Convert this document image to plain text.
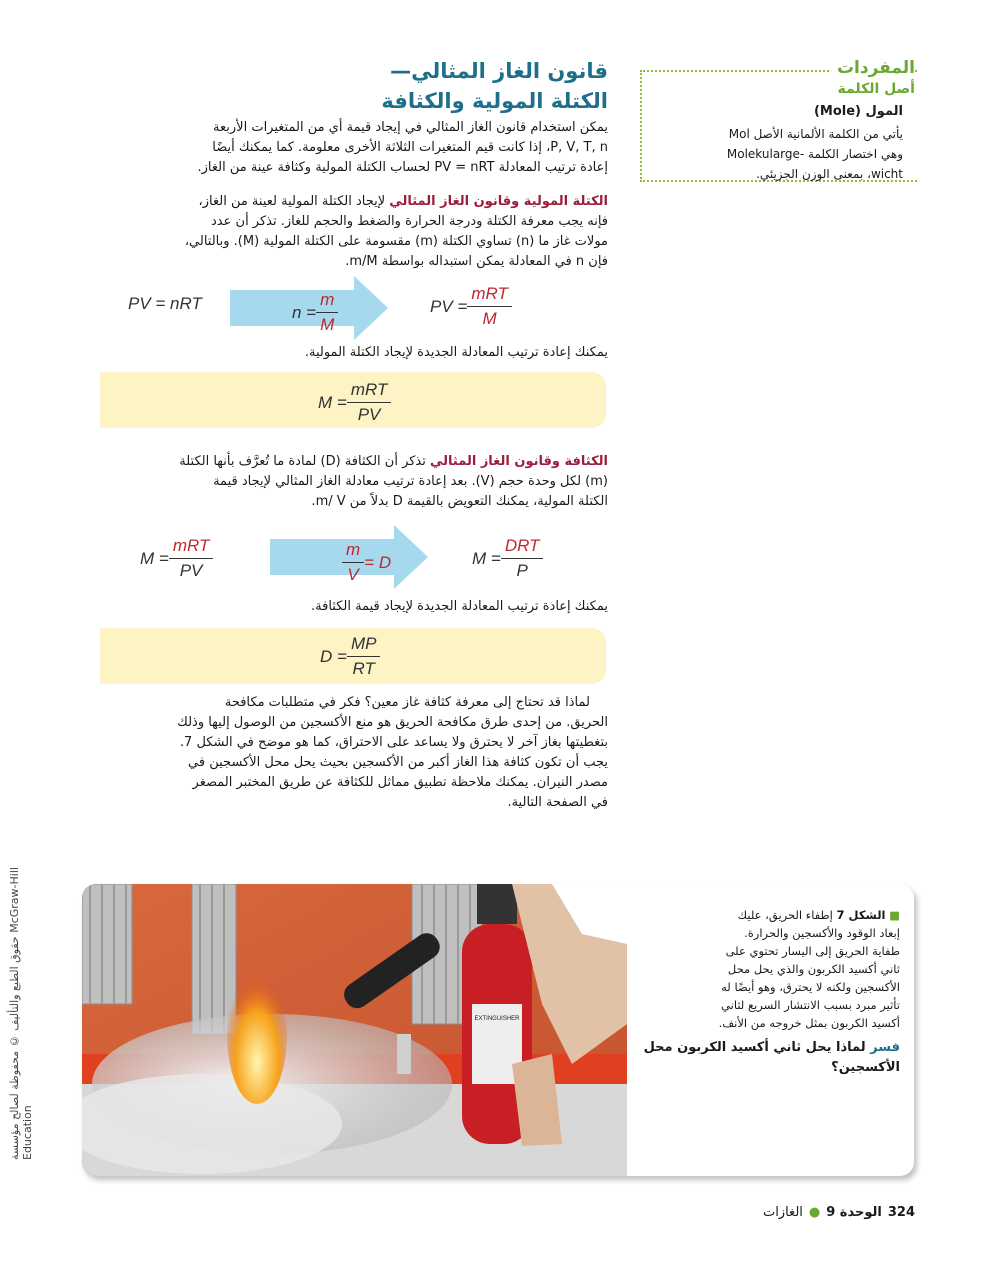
المفردات
أصل الكلمة
المول (Mole)
يأتي من الكلمة الألمانية الأصل Mol
وهي اختصار الكلمة -Molekularge
wicht، بمعنى الوزن الجزيئي.
قانون الغاز المثالي—
الكتلة المولية والكثافة
يمكن استخدام قانون الغاز المثالي في إيجاد قيمة أي من المتغيرات الأربعة
P, V, T, n، إذا كانت قيم المتغيرات الثلاثة الأخرى معلومة. كما يمكنك أيضًا
إعادة ترتيب المعادلة PV = nRT لحساب الكتلة المولية وكثافة عينة من الغاز.
الكتلة المولية وقانون الغاز المثالي لإيجاد الكتلة المولية لعينة من الغاز،
فإنه يجب معرفة الكتلة ودرجة الحرارة والضغط والحجم للغاز. تذكر أن عدد
مولات غاز ما (n) تساوي الكتلة (m) مقسومة على الكتلة المولية (M). وبالتالي،
فإن n في المعادلة يمكن استبداله بواسطة m/M.
PV = nRT	$n = \frac{m}{M}$	PV = $\frac{\text{mRT}}{M}$
يمكنك إعادة ترتيب المعادلة الجديدة لإيجاد الكتلة المولية.
$M = \frac{\text{mRT}}{PV}$
الكثافة وقانون الغاز المثالي تذكر أن الكثافة (D) لمادة ما تُعرَّف بأنها الكتلة
(m) لكل وحدة حجم (V). بعد إعادة ترتيب معادلة الغاز المثالي لإيجاد قيمة
الكتلة المولية، يمكنك التعويض بالقيمة D بدلاً من m/ V.
$M = \frac{\text{mRT}}{PV}$	$\frac{m}{V} = D$	$M = \frac{\text{DRT}}{P}$
يمكنك إعادة ترتيب المعادلة الجديدة لإيجاد قيمة الكثافة.
$D = \frac{MP}{RT}$
لماذا قد تحتاج إلى معرفة كثافة غاز معين؟ فكر في متطلبات مكافحة
الحريق. من إحدى طرق مكافحة الحريق هو منع الأكسجين من الوصول إليها وذلك
بتغطيتها بغاز آخر لا يحترق ولا يساعد على الاحتراق، كما هو موضح في الشكل 7.
يجب أن تكون كثافة هذا الغاز أكبر من الأكسجين بحيث يحل محل الأكسجين في
مصدر النيران. يمكنك ملاحظة تطبيق مماثل للكثافة عن طريق المختبر المصغر
في الصفحة التالية.
حقوق الطبع والتأليف © محفوظة لصالح مؤسسة McGraw-Hill Education
EXTINGUISHER
■ الشكل 7 إطفاء الحريق، عليك
إبعاد الوقود والأكسجين والحرارة.
طفاية الحريق إلى اليسار تحتوي على
ثاني أكسيد الكربون والذي يحل محل
الأكسجين ولكنه لا يحترق، وهو أيضًا له
تأثير مبرد بسبب الانتشار السريع لثاني
أكسيد الكربون بمثل خروجه من الأنف.
فسر لماذا يحل ثاني أكسيد الكربون محل الأكسجين؟
324
الوحدة 9
●
الغازات
